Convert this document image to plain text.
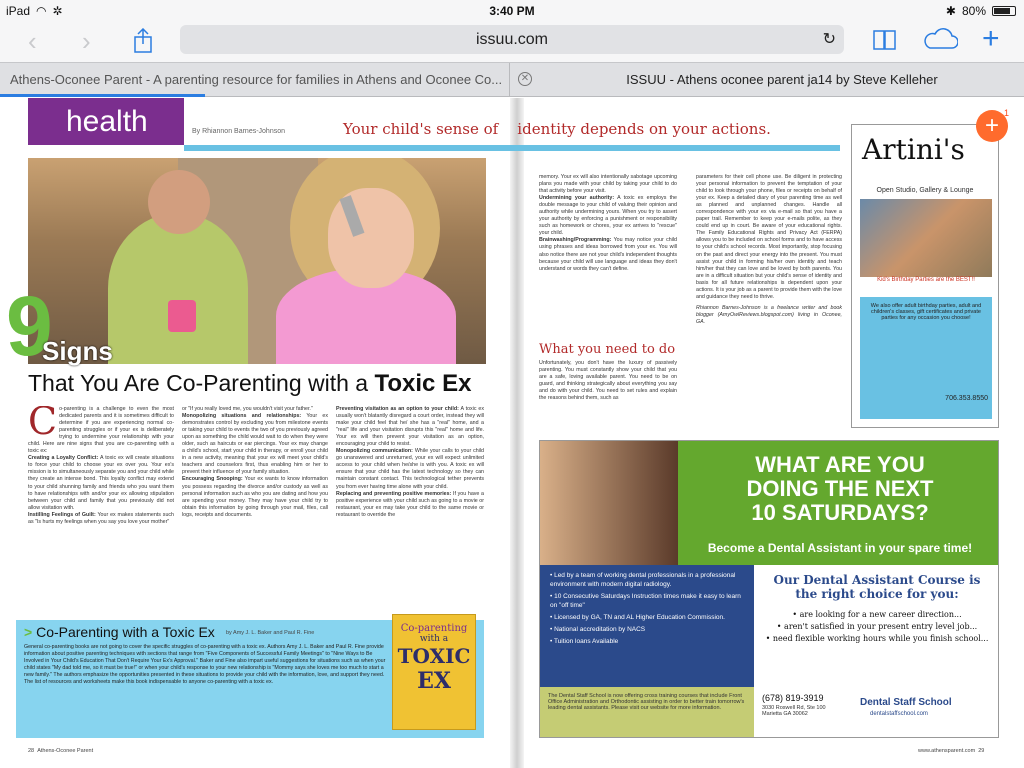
iPad ◠ ✲	3:40 PM	✱ 80%
‹ ›	issuu.com	↻	+
Athens-Oconee Parent - A parenting resource for families in Athens and Oconee Co...	✕	ISSUU - Athens oconee parent ja14 by Steve Kelleher
health	By Rhiannon Barnes-Johnson	Your child's sense of    identity depends on your actions.
9
Signs
That You Are Co-Parenting with a Toxic Ex
Co-parenting is a challenge to even the most dedicated parents and it is sometimes difficult to determine if you are experiencing normal co-parenting struggles or if your ex is deliberately trying to undermine your relationship with your child. Here are nine signs that you are co-parenting with a toxic ex:

Creating a Loyalty Conflict: A toxic ex will create situations to force your child to choose your ex over you. Your ex's mission is to simultaneously separate you and your child while they create an intense bond. This loyalty conflict may extend to your child shunning family and friends who you want them to have relationships with and/or your ex allowing stipulation between your child and family that you previously did not allow visitation with.

Instilling Feelings of Guilt: Your ex makes statements such as "Is hurts my feelings when you say you love your mother"

or "If you really loved me, you wouldn't visit your father."

Monopolizing situations and relationships: Your ex demonstrates control by excluding you from milestone events or taking your child to events the two of you previously agreed upon as something the child would wait to do when they were older, such as haircuts or ear piercings. Your ex may change a child's school, start your child in therapy, or enroll your child in a new activity, meaning that your ex will meet your child's teachers and counselors first, thus enabling him or her to prevent their influence of your family situation.

Encouraging Snooping: Your ex wants to know information you possess regarding the divorce and/or custody as well as personal information such as who you are dating and how you are spending your money. They may have your child try to obtain this information by going through your mail, files, call logs, receipts and documents.

Preventing visitation as an option to your child: A toxic ex usually won't blatantly disregard a court order, instead they will make your child feel that he/ she has a "real" home, and a "real" life and your visitation disrupts this "real" home and life. Your ex will then prevent your visitation as an option, encouraging your child to resist.

Monopolizing communication: While your calls to your child go unanswered and unreturned, your ex will expect unlimited access to your child when he/she is with you. A toxic ex will ensure that your child has the latest technology so they can maintain constant contact. This technological tether prevents you from ever having time alone with your child.

Replacing and preventing positive memories: If you have a positive experience with your child such as going to a movie or restaurant, your ex may take your child to the same movie or restaurant to override the

> Co-Parenting with a Toxic Ex by Amy J. L. Baker and Paul R. Fine
General co-parenting books are not going to cover the specific struggles of co-parenting with a toxic ex. Authors Amy J. L. Baker and Paul R. Fine provide information about positive parenting techniques with sections that range from "Five Components of Successful Family Meetings" to "Nine Ways to Be Involved in Your Child's Education That Don't Require Your Ex's Approval." Baker and Fine also impart useful suggestions for situations such as when your child states "My dad told me, so it must be true!" or when your child's response to your new relationship is "Mommy says she loves me too much to start a new family." The authors emphasize the opportunities presented in these situations to provide your child with the information, love, and support they need. The list of resources and worksheets make this book indispensable to anyone co-parenting with a toxic ex.
Co-parenting
with a
TOXIC
EX
28 Athens-Oconee Parent	www.athensparent.com 29

memory. Your ex will also intentionally sabotage upcoming plans you made with your child by taking your child to do that activity before your visit.

Undermining your authority: A toxic ex employs the double message to your child of valuing their opinion and authority while undermining yours. When you try to assert your authority by enforcing a punishment or responsibility such as homework or chores, your ex arrives to "rescue" your child.

Brainwashing/Programming: You may notice your child using phrases and ideas borrowed from your ex. You will also notice there are not your child's independent thoughts because your child will use language and ideas they don't understand or words they can't define.

What you need to do

Unfortunately, you don't have the luxury of passively parenting. You must constantly show your child that you are a safe, loving available parent. You need to be on guard, and thinking strategically about everything you say and do with your child. You need to set rules and explain the reasons behind them, such as

parameters for their cell phone use. Be diligent in protecting your personal information to prevent the temptation of your child to look through your phone, files or receipts on behalf of your ex. Keep a detailed diary of your parenting time as well as planned and unplanned changes. Handle all correspondence with your ex via e-mail so that you have a paper trail. Remember to keep your e-mails polite, as they could end up in court. Be aware of your educational rights. The Family Educational Rights and Privacy Act (FERPA) allows you to be included on school forms and to have access to your child's school records. Most importantly, stop focusing on the past and direct your energy into the present. You must assist your child in forming his/her own identity and teach him/her that they can love and be loved by both parents. You are in a difficult situation but your child's sense of identity and basis for all future relationships is dependent upon your actions. It is your job as a parent to provide them with the love and guidance they need to thrive.

Rhiannon Barnes-Johnson is a freelance writer and book blogger (AmyOwlReviews.blogspot.com) living in Oconee, GA.

Artini's
Open Studio, Gallery & Lounge
Kid's Birthday Parties are the BEST!!
We also offer adult birthday parties, adult and children's classes, gift certificates and private parties for any occasion you choose!
706.353.8550
+ 1
WHAT ARE YOU
DOING THE NEXT
10 SATURDAYS?
Become a Dental Assistant in your spare time!
• Led by a team of working dental professionals in a professional environment with modern digital radiology.
• 10 Consecutive Saturdays Instruction times make it easy to learn on "off time"
• Licensed by GA, TN and AL Higher Education Commission.
• National accreditation by NACS
• Tuition loans Available
The Dental Staff School is now offering cross training courses that include Front Office Administration and Orthodontic assisting in order to better train tomorrow's leading dental assistants. Please visit our website for more information.
Our Dental Assistant Course is
the right choice for you:
• are looking for a new career direction...
• aren't satisfied in your present entry level job...
• need flexible working hours while you finish school...
(678) 819-3919
3030 Roswell Rd, Ste 100
Marietta GA 30062
Dental Staff School
dentalstaffschool.com
